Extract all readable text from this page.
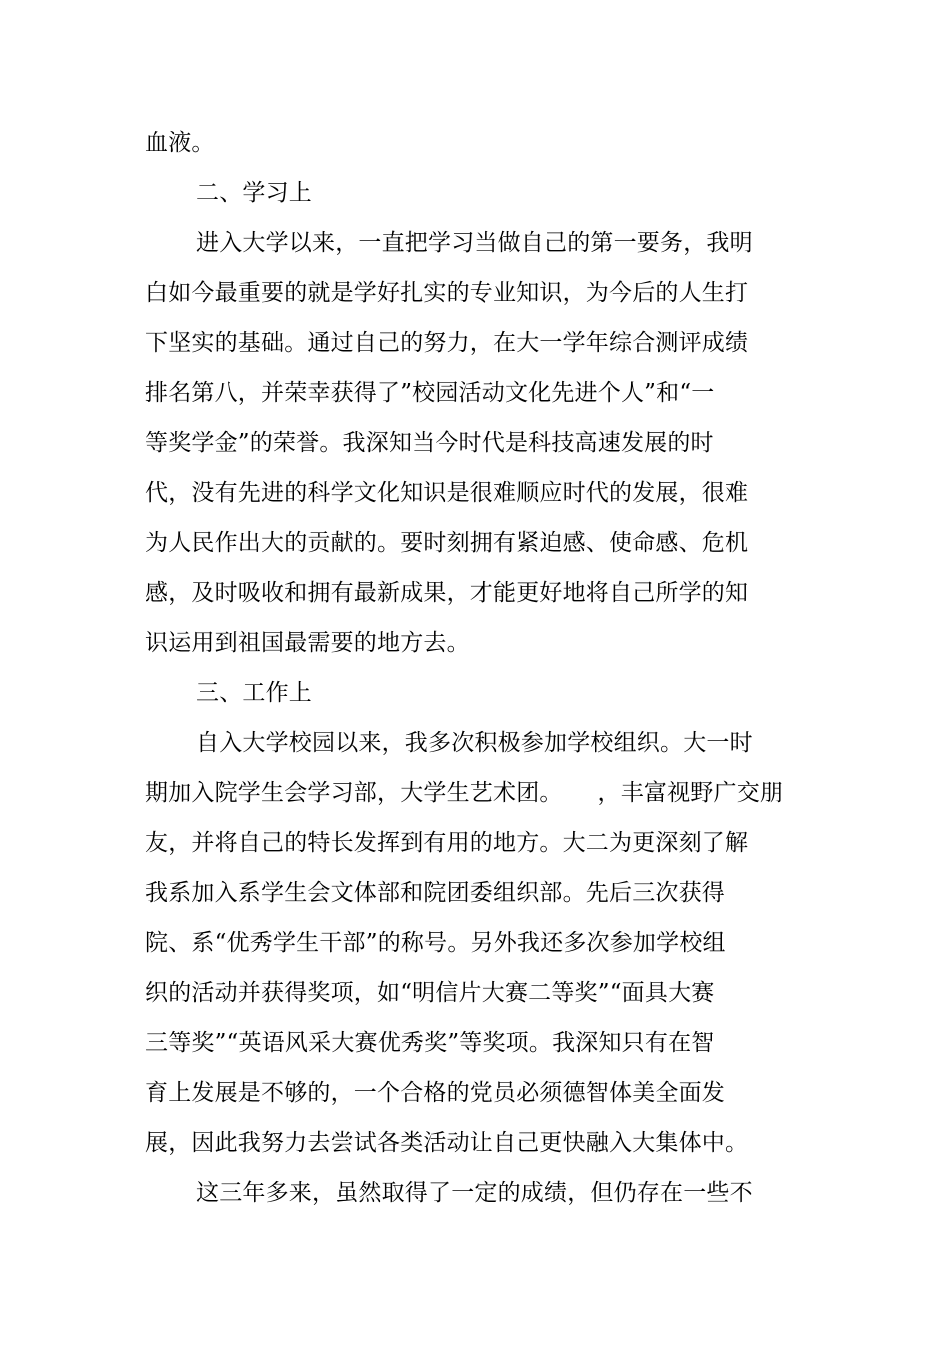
血液。
二、学习上
进入大学以来，一直把学习当做自己的第一要务，我明
白如今最重要的就是学好扎实的专业知识，为今后的人生打
下坚实的基础。通过自己的努力，在大一学年综合测评成绩
排名第八，并荣幸获得了”校园活动文化先进个人”和“一
等奖学金”的荣誉。我深知当今时代是科技高速发展的时
代，没有先进的科学文化知识是很难顺应时代的发展，很难
为人民作出大的贡献的。要时刻拥有紧迫感、使命感、危机
感，及时吸收和拥有最新成果，才能更好地将自己所学的知
识运用到祖国最需要的地方去。
三、工作上
自入大学校园以来，我多次积极参加学校组织。大一时
期加入院学生会学习部，大学生艺术团。　　，丰富视野广交朋
友，并将自己的特长发挥到有用的地方。大二为更深刻了解
我系加入系学生会文体部和院团委组织部。先后三次获得
院、系“优秀学生干部”的称号。另外我还多次参加学校组
织的活动并获得奖项，如“明信片大赛二等奖”“面具大赛
三等奖”“英语风采大赛优秀奖”等奖项。我深知只有在智
育上发展是不够的，一个合格的党员必须德智体美全面发
展，因此我努力去尝试各类活动让自己更快融入大集体中。
这三年多来，虽然取得了一定的成绩，但仍存在一些不
